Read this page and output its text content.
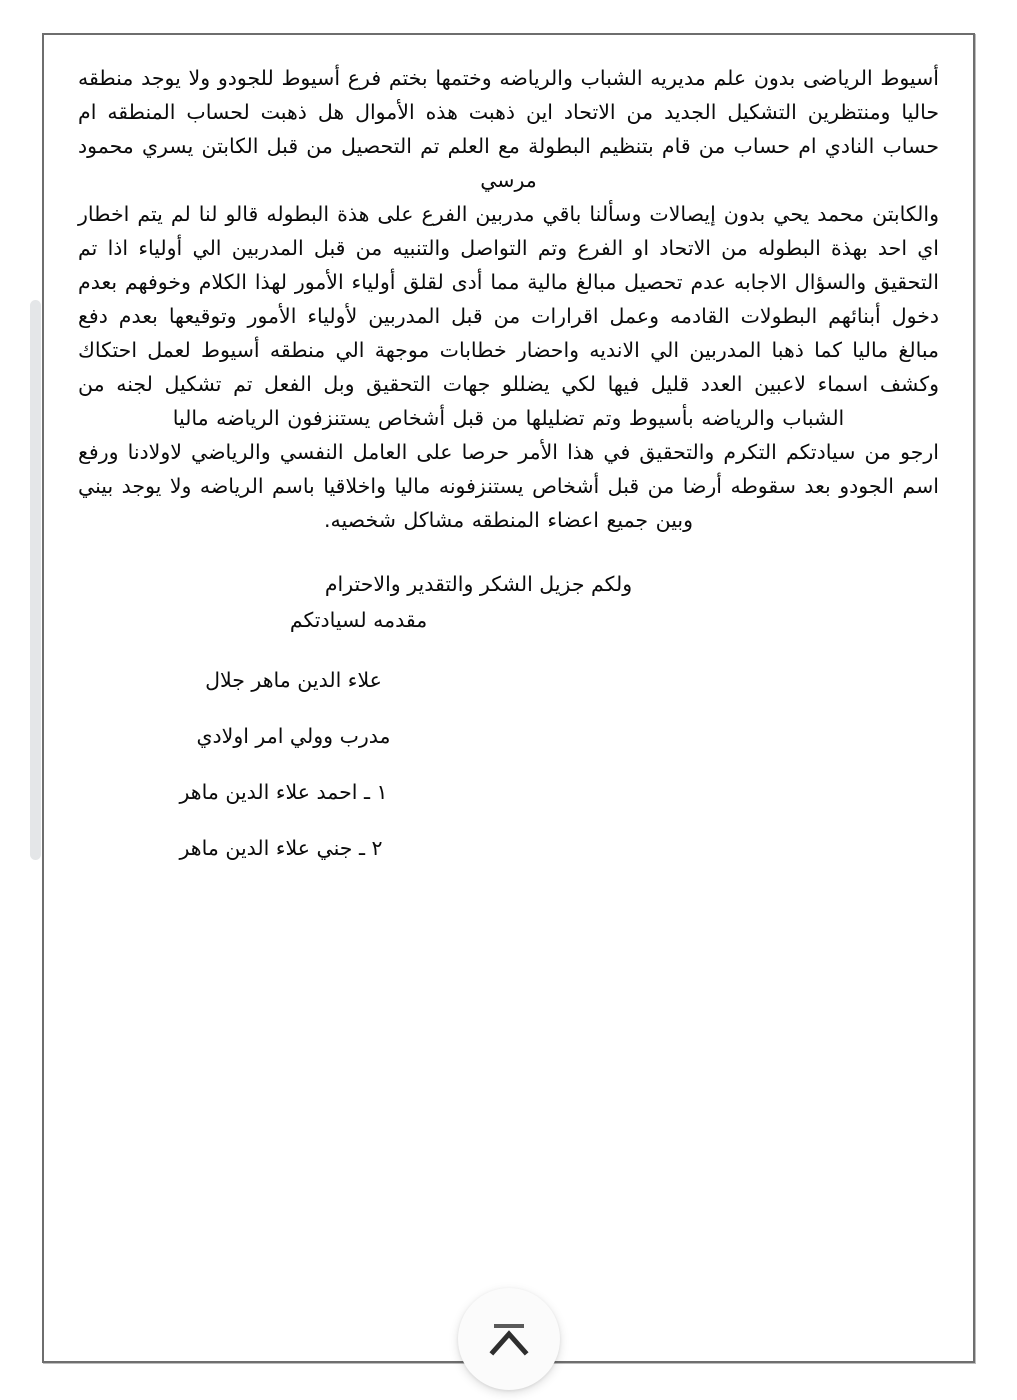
أسيوط الرياضى بدون علم مديريه الشباب والرياضه وختمها بختم فرع أسيوط للجودو ولا يوجد منطقه حاليا ومنتظرين التشكيل الجديد من الاتحاد اين ذهبت هذه الأموال هل ذهبت لحساب المنطقه ام حساب النادي ام حساب من قام بتنظيم البطولة مع العلم تم التحصيل من قبل الكابتن يسري محمود مرسي

والكابتن محمد يحي بدون إيصالات وسألنا باقي مدربين الفرع على هذة البطوله قالو لنا لم يتم اخطار اي احد بهذة البطوله من الاتحاد او الفرع وتم التواصل والتنبيه من قبل المدربين الي أولياء اذا تم التحقيق والسؤال الاجابه عدم تحصيل مبالغ مالية مما أدى لقلق أولياء الأمور لهذا الكلام وخوفهم بعدم دخول أبنائهم البطولات القادمه وعمل اقرارات من قبل المدربين لأولياء الأمور وتوقيعها بعدم دفع مبالغ ماليا كما ذهبا المدربين الي الانديه واحضار خطابات موجهة الي منطقه أسيوط لعمل احتكاك وكشف اسماء لاعبين العدد قليل فيها لكي يضللو جهات التحقيق وبل الفعل تم تشكيل لجنه من الشباب والرياضه بأسيوط وتم تضليلها من قبل أشخاص يستنزفون الرياضه ماليا

ارجو من سيادتكم التكرم والتحقيق في هذا الأمر حرصا على العامل النفسي والرياضي لاولادنا ورفع اسم الجودو بعد سقوطه أرضا من قبل أشخاص يستنزفونه ماليا واخلاقيا باسم الرياضه ولا يوجد بيني وبين جميع اعضاء المنطقه مشاكل شخصيه.

ولكم جزيل الشكر والتقدير والاحترام

مقدمه لسيادتكم

علاء الدين ماهر جلال

مدرب وولي امر اولادي

١ ـ احمد علاء الدين ماهر

٢ ـ جني علاء الدين ماهر
